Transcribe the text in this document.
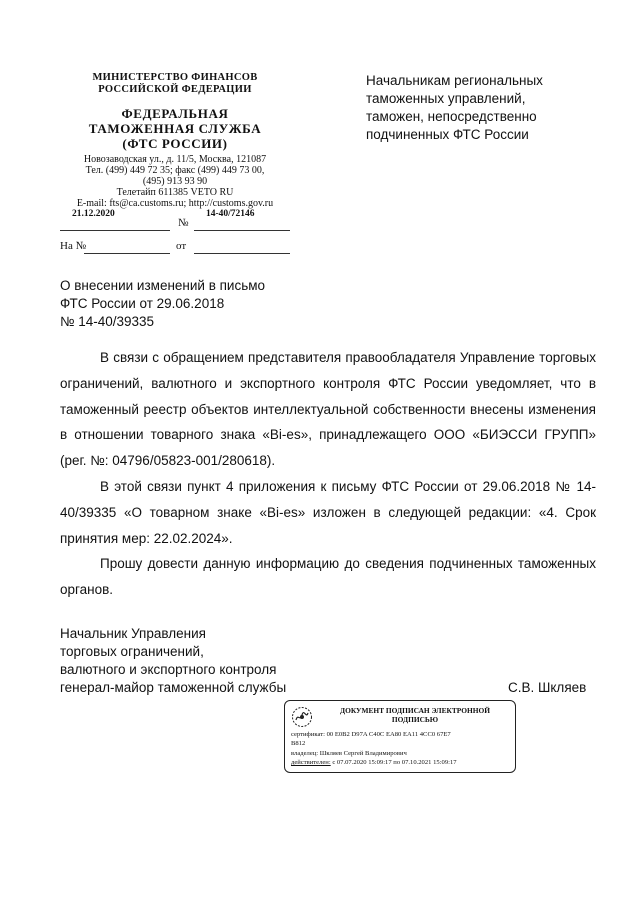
МИНИСТЕРСТВО ФИНАНСОВ
РОССИЙСКОЙ ФЕДЕРАЦИИ
ФЕДЕРАЛЬНАЯ
ТАМОЖЕННАЯ СЛУЖБА
(ФТС РОССИИ)
Новозаводская ул., д. 11/5, Москва, 121087
Тел. (499) 449 72 35; факс (499) 449 73 00,
(495) 913 93 90
Телетайп 611385 VETO RU
E-mail: fts@ca.customs.ru; http://customs.gov.ru
21.12.2020
№
14-40/72146
На №	от
Начальникам региональных
таможенных управлений,
таможен, непосредственно
подчиненных ФТС России
О внесении изменений в письмо
ФТС России от 29.06.2018
№ 14-40/39335

В связи с обращением представителя правообладателя Управление торговых ограничений, валютного и экспортного контроля ФТС России уведомляет, что в таможенный реестр объектов интеллектуальной собственности внесены изменения в отношении товарного знака «Bi-es», принадлежащего ООО «БИЭССИ ГРУПП» (рег. №: 04796/05823-001/280618).

В этой связи пункт 4 приложения к письму ФТС России от 29.06.2018 № 14-40/39335 «О товарном знаке «Bi-es» изложен в следующей редакции: «4. Срок принятия мер: 22.02.2024».

Прошу довести данную информацию до сведения подчиненных таможенных органов.

Начальник Управления
торговых ограничений,
валютного и экспортного контроля
генерал-майор таможенной службы	С.В. Шкляев
ДОКУМЕНТ ПОДПИСАН ЭЛЕКТРОННОЙ
ПОДПИСЬЮ
сертификат: 00 E0B2 D97A C40C EA80 EA11 4CC0 67E7
B812
владелец: Шкляев Сергей Владимирович
действителен: с 07.07.2020 15:09:17 по 07.10.2021 15:09:17
